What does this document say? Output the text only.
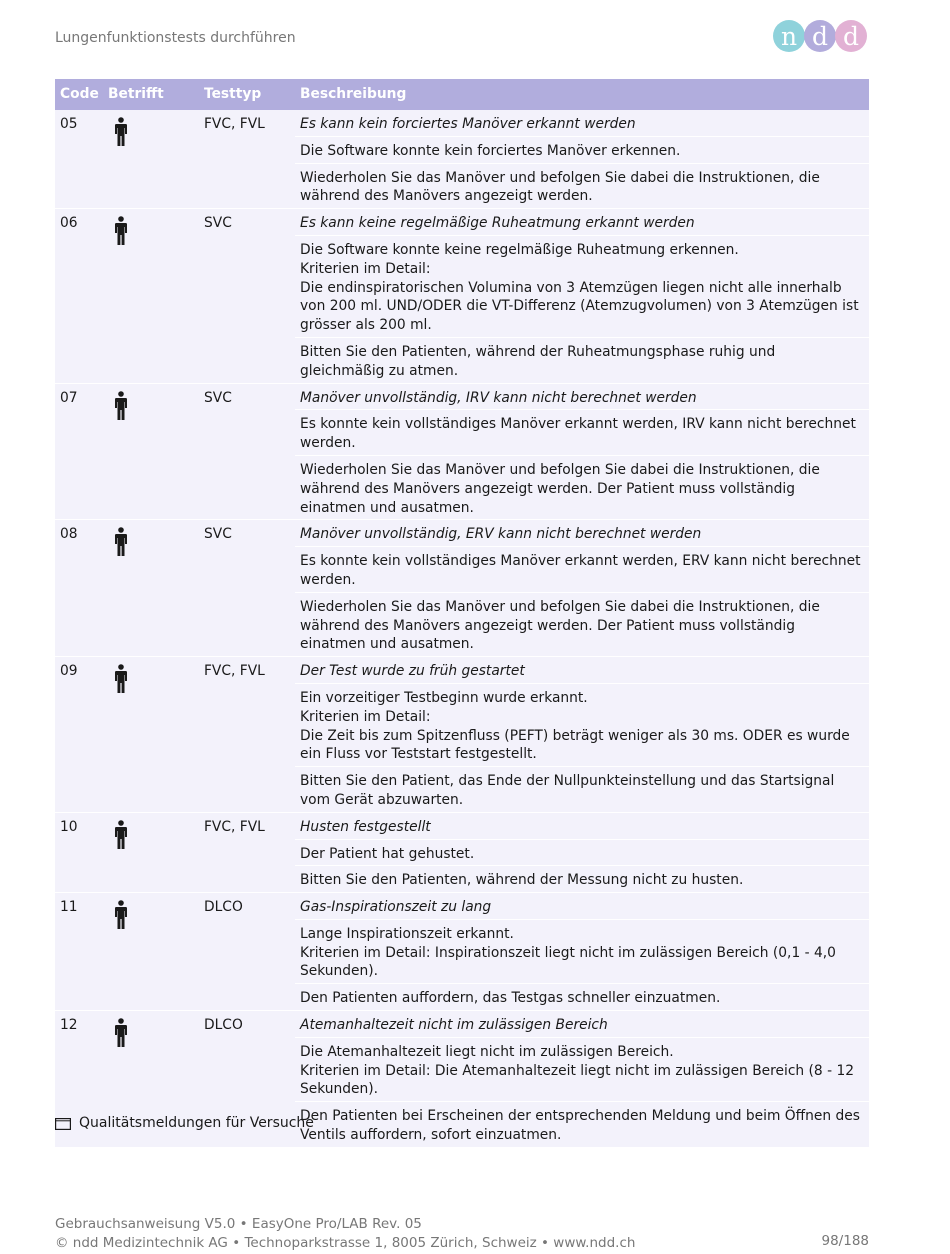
Lungenfunktionstests durchführen	n d d
Code	Betrifft	Testtyp	Beschreibung
05		FVC, FVL	Es kann kein forciertes Manöver erkannt werden
			Die Software konnte kein forciertes Manöver erkennen.
			Wiederholen Sie das Manöver und befolgen Sie dabei die Instruktionen, die während des Manövers angezeigt werden.
06		SVC	Es kann keine regelmäßige Ruheatmung erkannt werden
			Die Software konnte keine regelmäßige Ruheatmung erkennen.
Kriterien im Detail:
Die endinspiratorischen Volumina von 3 Atemzügen liegen nicht alle innerhalb von 200 ml. UND/ODER die VT-Differenz (Atemzugvolumen) von 3 Atemzügen ist grösser als 200 ml.
			Bitten Sie den Patienten, während der Ruheatmungsphase ruhig und gleichmäßig zu atmen.
07		SVC	Manöver unvollständig, IRV kann nicht berechnet werden
			Es konnte kein vollständiges Manöver erkannt werden, IRV kann nicht berechnet werden.
			Wiederholen Sie das Manöver und befolgen Sie dabei die Instruktionen, die während des Manövers angezeigt werden. Der Patient muss vollständig einatmen und ausatmen.
08		SVC	Manöver unvollständig, ERV kann nicht berechnet werden
			Es konnte kein vollständiges Manöver erkannt werden, ERV kann nicht berechnet werden.
			Wiederholen Sie das Manöver und befolgen Sie dabei die Instruktionen, die während des Manövers angezeigt werden. Der Patient muss vollständig einatmen und ausatmen.
09		FVC, FVL	Der Test wurde zu früh gestartet
			Ein vorzeitiger Testbeginn wurde erkannt.
Kriterien im Detail:
Die Zeit bis zum Spitzenfluss (PEFT) beträgt weniger als 30 ms. ODER es wurde ein Fluss vor Teststart festgestellt.
			Bitten Sie den Patient, das Ende der Nullpunkteinstellung und das Startsignal vom Gerät abzuwarten.
10		FVC, FVL	Husten festgestellt
			Der Patient hat gehustet.
			Bitten Sie den Patienten, während der Messung nicht zu husten.
11		DLCO	Gas-Inspirationszeit zu lang
			Lange Inspirationszeit erkannt.
Kriterien im Detail: Inspirationszeit liegt nicht im zulässigen Bereich (0,1 - 4,0 Sekunden).
			Den Patienten auffordern, das Testgas schneller einzuatmen.
12		DLCO	Atemanhaltezeit nicht im zulässigen Bereich
			Die Atemanhaltezeit liegt nicht im zulässigen Bereich.
Kriterien im Detail: Die Atemanhaltezeit liegt nicht im zulässigen Bereich (8 - 12 Sekunden).
			Den Patienten bei Erscheinen der entsprechenden Meldung und beim Öffnen des Ventils auffordern, sofort einzuatmen.
Qualitätsmeldungen für Versuche
Gebrauchsanweisung V5.0 • EasyOne Pro/LAB Rev. 05
© ndd Medizintechnik AG • Technoparkstrasse 1, 8005 Zürich, Schweiz • www.ndd.ch	98/188
